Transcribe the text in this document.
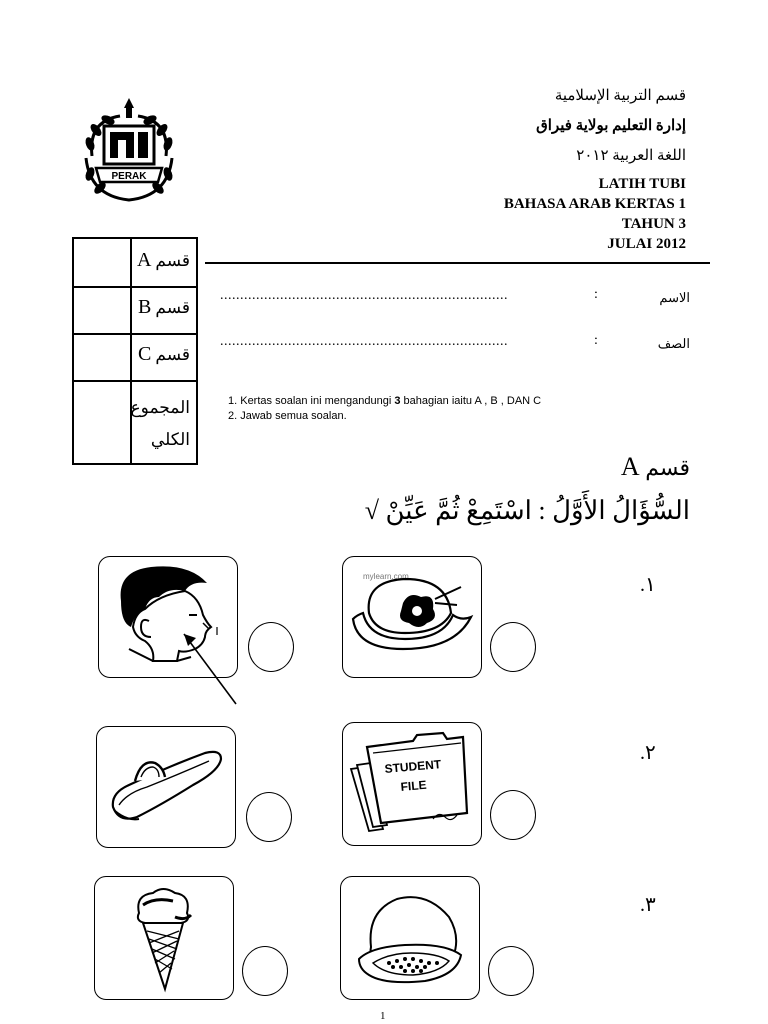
PERAK
قسم التربية الإسلامية
إدارة التعليم بولاية فيراق
اللغة العربية ٢٠١٢
LATIH TUBI
BAHASA ARAB KERTAS 1
TAHUN 3
JULAI 2012
قسمA
قسمB
قسمC
المجموع الكلي
الاسم
:
........................................................................
الصف
:
........................................................................
1. Kertas soalan ini mengandungi 3 bahagian iaitu A , B , DAN C
2. Jawab semua soalan.
قسم A
السُّؤَالُ الأَوَّلُ : اسْتَمِعْ ثُمَّ عَيِّنْ √
.١
mylearn.com
.٢
STUDENT
FILE
.٣
1
